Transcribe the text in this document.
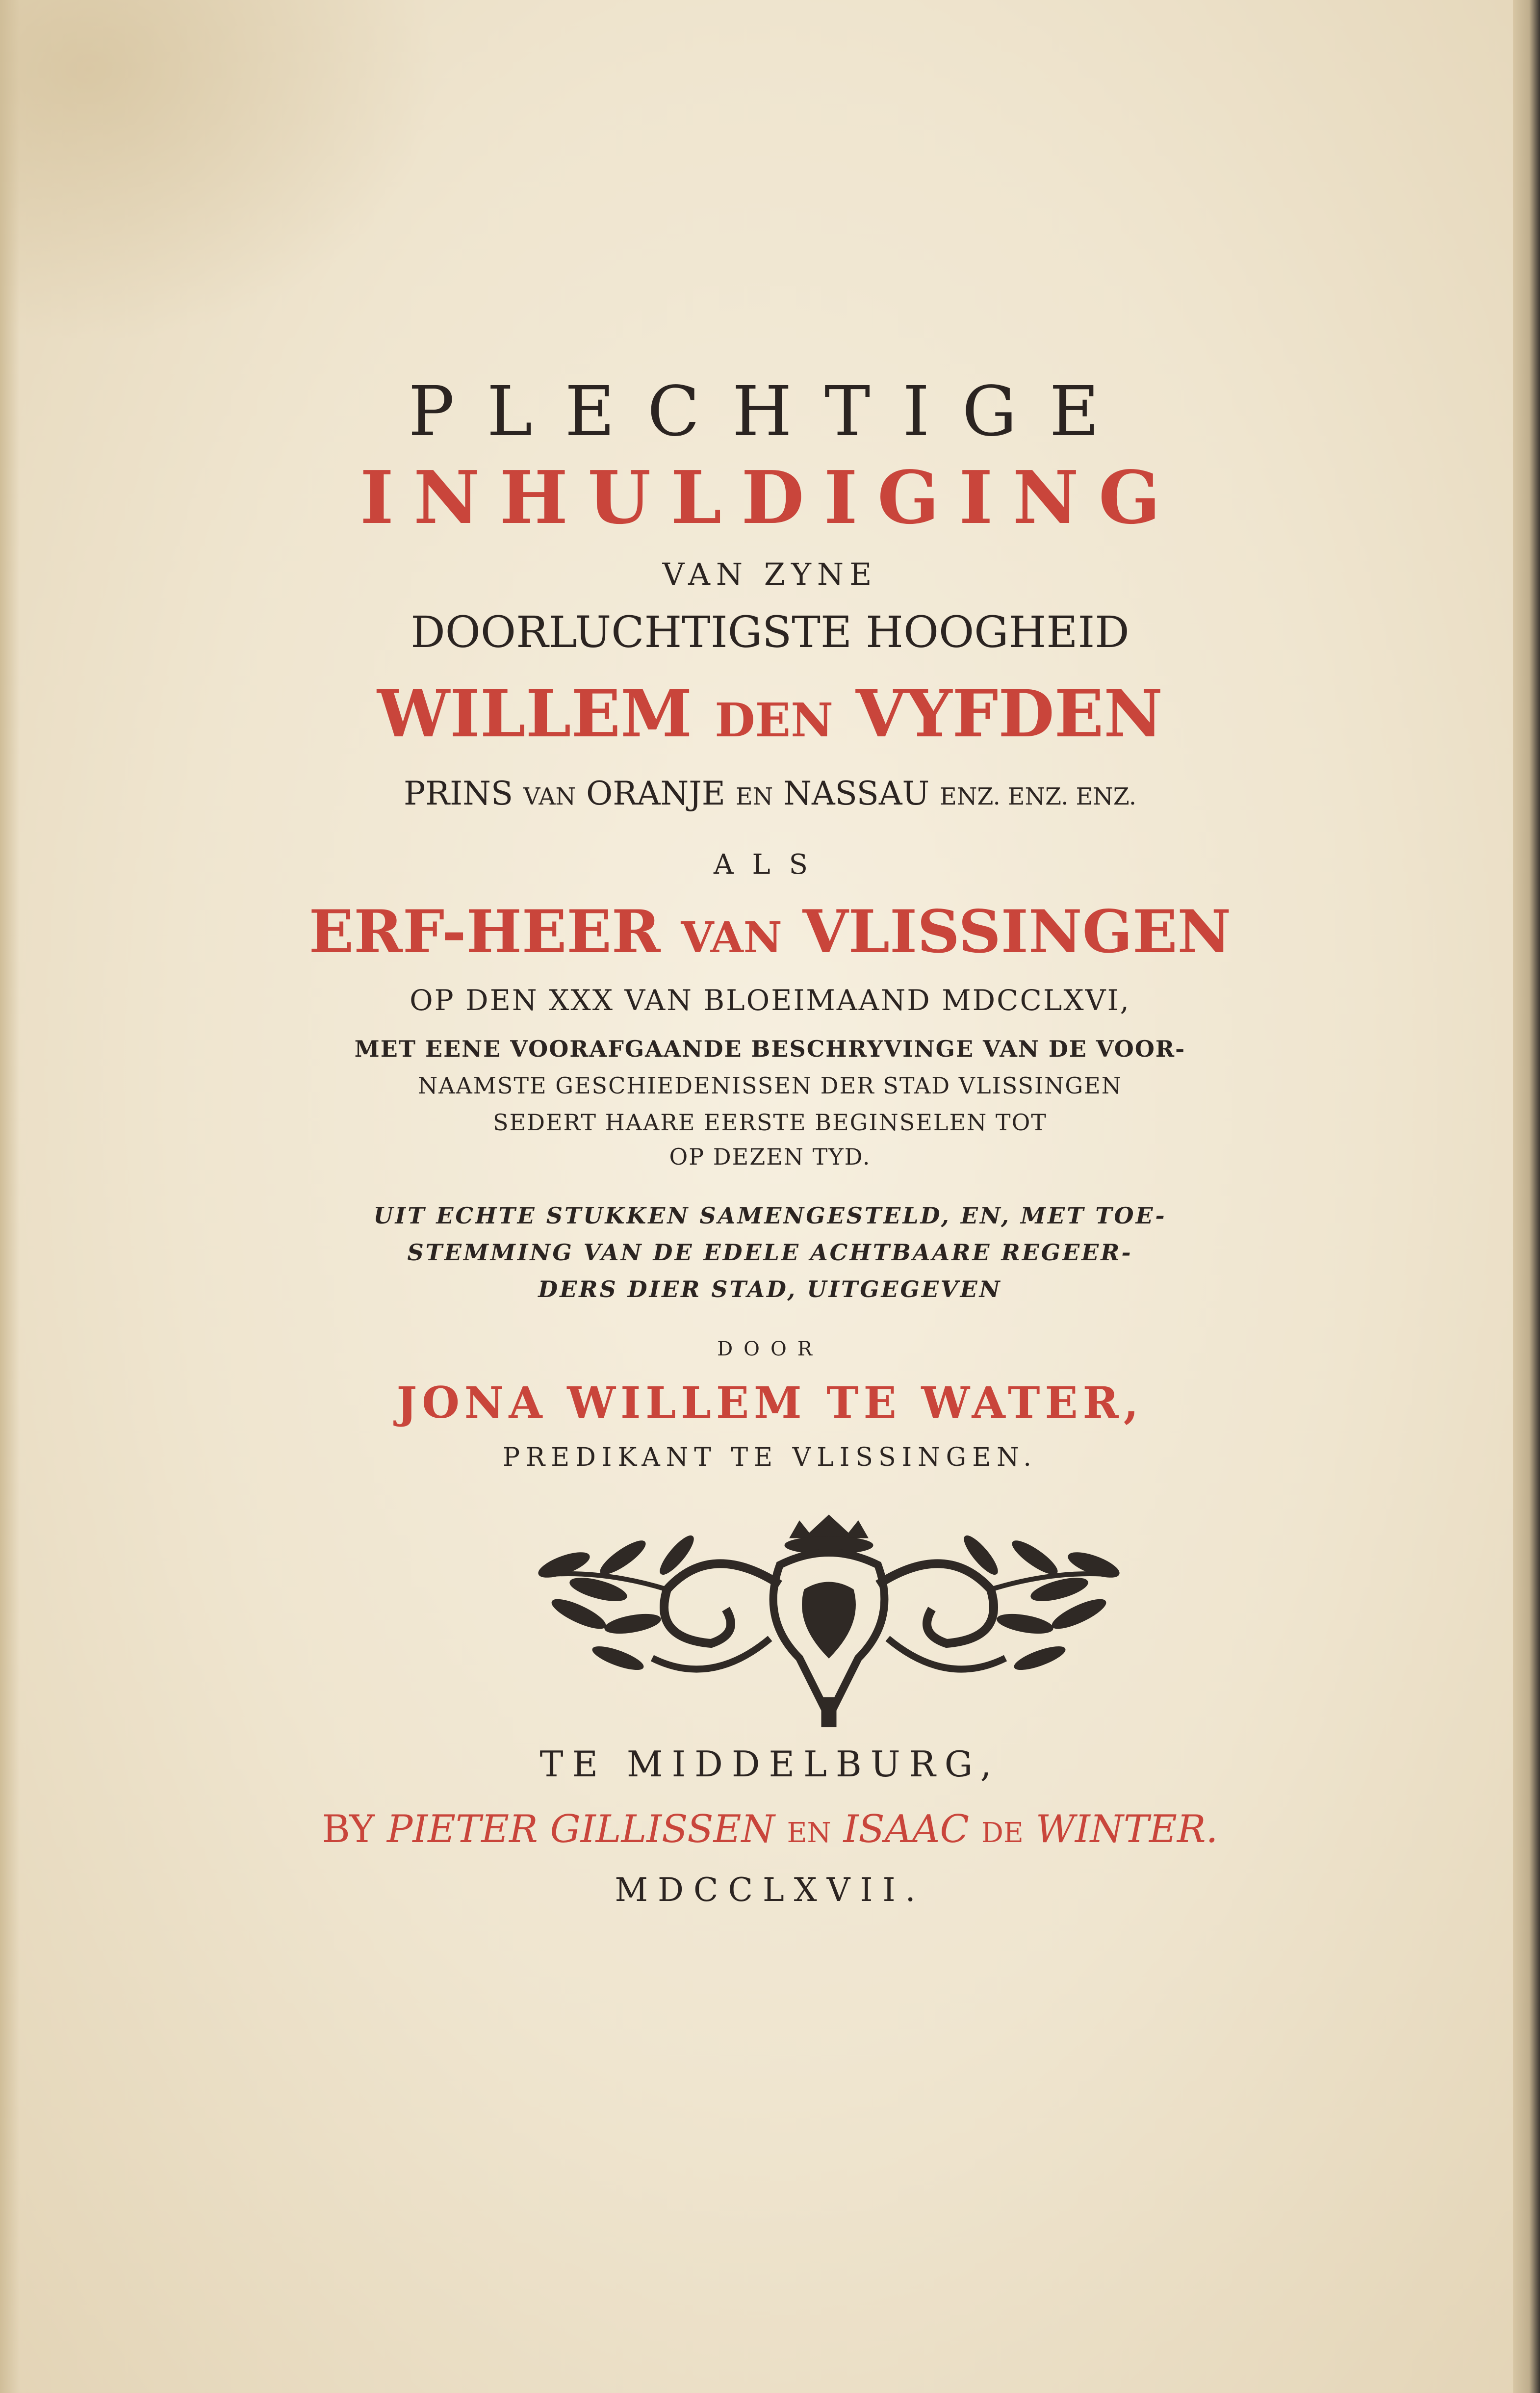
PLECHTIGE
INHULDIGING
VAN ZYNE
DOORLUCHTIGSTE HOOGHEID
WILLEM DEN VYFDEN
PRINS VAN ORANJE EN NASSAU ENZ. ENZ. ENZ.
ALS
ERF-HEER VAN VLISSINGEN
OP DEN XXX VAN BLOEIMAAND MDCCLXVI,
MET EENE VOORAFGAANDE BESCHRYVINGE VAN DE VOOR-
NAAMSTE GESCHIEDENISSEN DER STAD VLISSINGEN
SEDERT HAARE EERSTE BEGINSELEN TOT
OP DEZEN TYD.
UIT ECHTE STUKKEN SAMENGESTELD, EN, MET TOE-
STEMMING VAN DE EDELE ACHTBAARE REGEER-
DERS DIER STAD, UITGEGEVEN
DOOR
JONA WILLEM TE WATER,
PREDIKANT TE VLISSINGEN.
TE MIDDELBURG,
BY PIETER GILLISSEN EN ISAAC DE WINTER.
MDCCLXVII.
